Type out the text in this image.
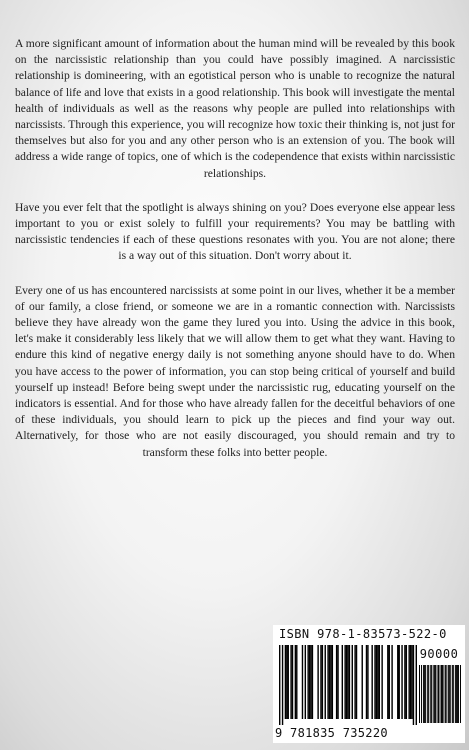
A more significant amount of information about the human mind will be revealed by this book on the narcissistic relationship than you could have possibly imagined. A narcissistic relationship is domineering, with an egotistical person who is unable to recognize the natural balance of life and love that exists in a good relationship. This book will investigate the mental health of individuals as well as the reasons why people are pulled into relationships with narcissists. Through this experience, you will recognize how toxic their thinking is, not just for themselves but also for you and any other person who is an extension of you. The book will address a wide range of topics, one of which is the codependence that exists within narcissistic relationships.

Have you ever felt that the spotlight is always shining on you? Does everyone else appear less important to you or exist solely to fulfill your requirements? You may be battling with narcissistic tendencies if each of these questions resonates with you. You are not alone; there is a way out of this situation. Don't worry about it.

Every one of us has encountered narcissists at some point in our lives, whether it be a member of our family, a close friend, or someone we are in a romantic connection with. Narcissists believe they have already won the game they lured you into. Using the advice in this book, let's make it considerably less likely that we will allow them to get what they want. Having to endure this kind of negative energy daily is not something anyone should have to do. When you have access to the power of information, you can stop being critical of yourself and build yourself up instead! Before being swept under the narcissistic rug, educating yourself on the indicators is essential. And for those who have already fallen for the deceitful behaviors of one of these individuals, you should learn to pick up the pieces and find your way out. Alternatively, for those who are not easily discouraged, you should remain and try to transform these folks into better people.

ISBN 978-1-83573-522-0
90000
9 781835 735220
